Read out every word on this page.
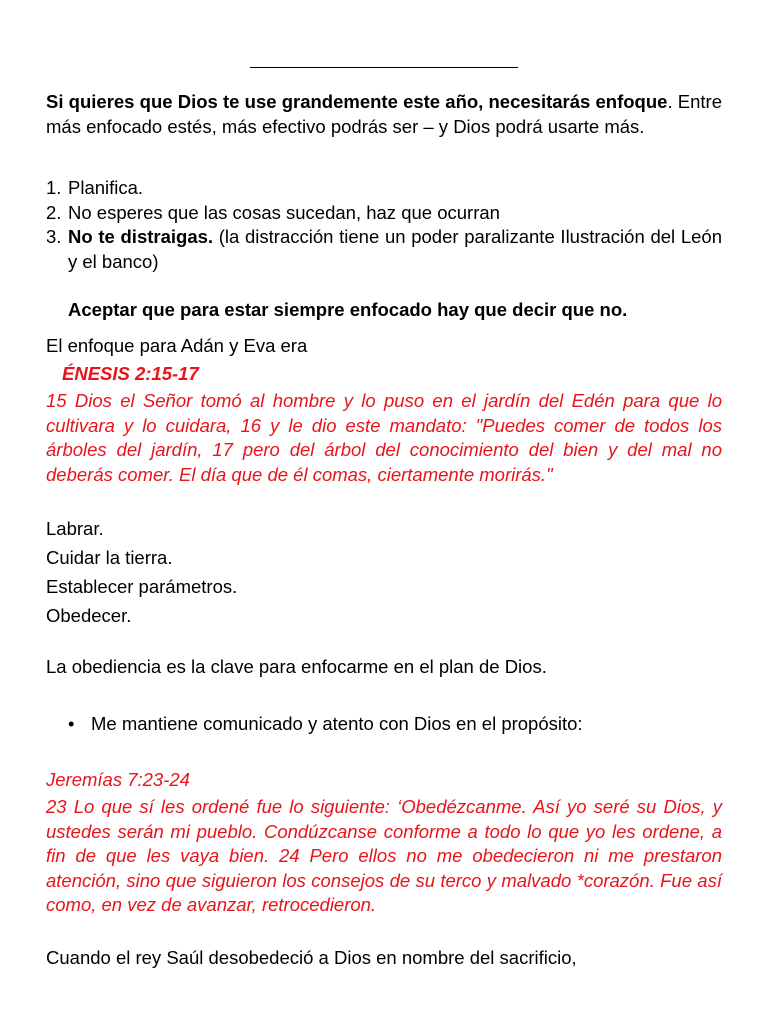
Si quieres que Dios te use grandemente este año, necesitarás enfoque. Entre más enfocado estés, más efectivo podrás ser – y Dios podrá usarte más.

1. Planifica.
2. No esperes que las cosas sucedan, haz que ocurran
3. No te distraigas. (la distracción tiene un poder paralizante Ilustración del León y el banco)

Aceptar que para estar siempre enfocado hay que decir que no.

El enfoque para Adán y Eva era

ÉNESIS 2:15-17

15 Dios el Señor tomó al hombre y lo puso en el jardín del Edén para que lo cultivara y lo cuidara, 16 y le dio este mandato: "Puedes comer de todos los árboles del jardín, 17 pero del árbol del conocimiento del bien y del mal no deberás comer. El día que de él comas, ciertamente morirás."

Labrar.
Cuidar la tierra.
Establecer parámetros.
Obedecer.

La obediencia es la clave para enfocarme en el plan de Dios.

• Me mantiene comunicado y atento con Dios en el propósito:

Jeremías 7:23-24

23 Lo que sí les ordené fue lo siguiente: ‘Obedézcanme. Así yo seré su Dios, y ustedes serán mi pueblo. Condúzcanse conforme a todo lo que yo les ordene, a fin de que les vaya bien. 24 Pero ellos no me obedecieron ni me prestaron atención, sino que siguieron los consejos de su terco y malvado *corazón. Fue así como, en vez de avanzar, retrocedieron.

Cuando el rey Saúl desobedeció a Dios en nombre del sacrificio,
